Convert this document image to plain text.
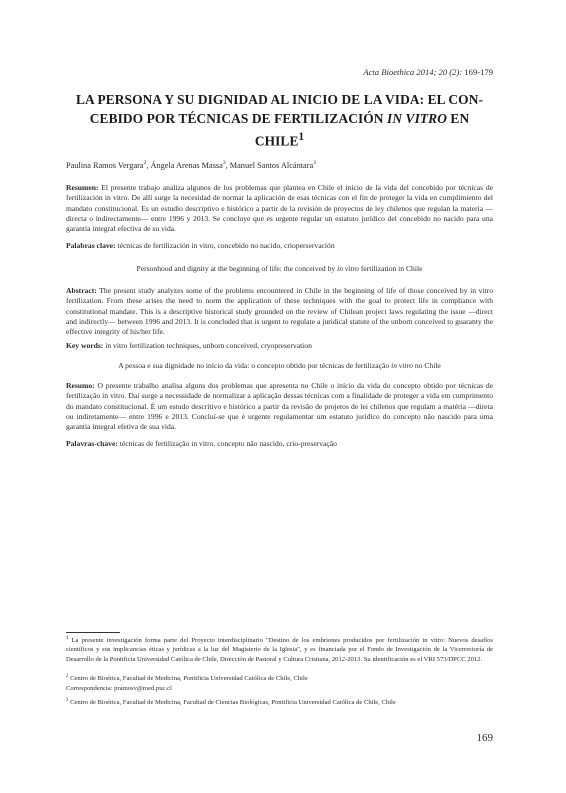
Acta Bioethica 2014; 20 (2): 169-179
LA PERSONA Y SU DIGNIDAD AL INICIO DE LA VIDA: EL CON-CEBIDO POR TÉCNICAS DE FERTILIZACIÓN IN VITRO EN CHILE$^1$
Paulina Ramos Vergara$^2$, Ángela Arenas Massa$^3$, Manuel Santos Alcántara$^3$

Resumen: El presente trabajo analiza algunos de los problemas que plantea en Chile el inicio de la vida del concebido por técnicas de fertilización in vitro. De allí surge la necesidad de normar la aplicación de esas técnicas con el fin de proteger la vida en cumplimiento del mandato constitucional. Es un estudio descriptivo e histórico a partir de la revisión de proyectos de ley chilenos que regulan la materia —directa o indirectamente— entre 1996 y 2013. Se concluye que es urgente regular un estatuto jurídico del concebido no nacido para una garantía integral efectiva de su vida.

Palabras clave: técnicas de fertilización in vitro, concebido no nacido, crioperservación

Personhood and dignity at the beginning of life: the conceived by in vitro fertilization in Chile

Abstract: The present study analyzes some of the problems encountered in Chile in the beginning of life of those conceived by in vitro fertilization. From these arises the need to norm the application of these techniques with the goal to protect life in compliance with constitutional mandate. This is a descriptive historical study grounded on the review of Chilean project laws regulating the issue —direct and indirectly— between 1996 and 2013. It is concluded that is urgent to regulate a juridical statute of the unborn conceived to guaranty the effective integrity of his/her life.

Key words: in vitro fertilization techniques, unborn conceived, cryopreservation

A pessoa e sua dignidade no início da vida: o concepto obtido por técnicas de fertilização in vitro no Chile

Resumo: O presente trabalho analisa alguns dos problemas que apresenta no Chile o início da vida do concepto obtido por técnicas de fertilização in vitro. Daí surge a necessidade de normalizar a aplicação dessas técnicas com a finalidade de proteger a vida em cumprimento do mandato constitucional. É um estudo descritivo e histórico a partir da revisão de projetos de lei chilenos que regulam a matéria —direta ou indiretamente— entre 1996 e 2013. Concluí-se que é urgente regulamentar um estatuto jurídico do concepto não nascido para uma garantia integral efetiva de sua vida.

Palavras-chave: técnicas de fertilização in vitro, concepto não nascido, crio-preservação

$^1$ La presente investigación forma parte del Proyecto interdisciplinario "Destino de los embriones producidos por fertilización in vitro: Nuevos desafíos científicos y sus implicancias éticas y jurídicas a la luz del Magisterio de la Iglesia", y es financiada por el Fondo de Investigación de la Vicerrectoría de Desarrollo de la Pontificia Universidad Católica de Chile, Dirección de Pastoral y Cultura Cristiana, 2012-2013. Su identificación es el VRI 573/DPCC 2012.

$^2$ Centro de Bioética, Facultad de Medicina, Pontificia Universidad Católica de Chile, Chile

Correspondencia: pramosv@med.puc.cl

$^3$ Centro de Bioética, Facultad de Medicina, Facultad de Ciencias Biológicas, Pontificia Universidad Católica de Chile, Chile

169
